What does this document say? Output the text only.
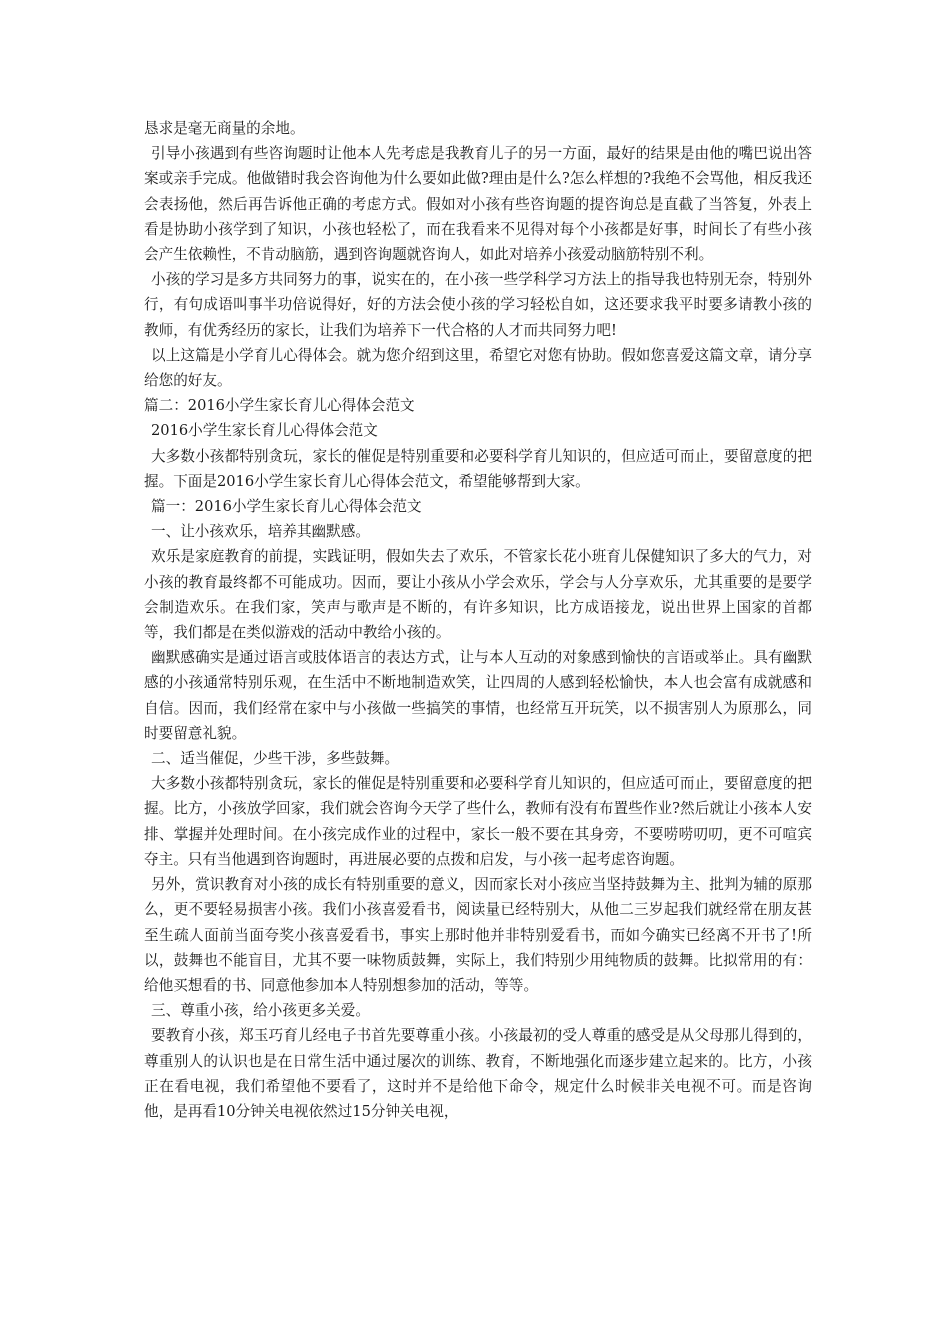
恳求是毫无商量的余地。

引导小孩遇到有些咨询题时让他本人先考虑是我教育儿子的另一方面，最好的结果是由他的嘴巴说出答案或亲手完成。他做错时我会咨询他为什么要如此做?理由是什么?怎么样想的?我绝不会骂他，相反我还会表扬他，然后再告诉他正确的考虑方式。假如对小孩有些咨询题的提咨询总是直截了当答复，外表上看是协助小孩学到了知识，小孩也轻松了，而在我看来不见得对每个小孩都是好事，时间长了有些小孩会产生依赖性，不肯动脑筋，遇到咨询题就咨询人，如此对培养小孩爱动脑筋特别不利。

小孩的学习是多方共同努力的事，说实在的，在小孩一些学科学习方法上的指导我也特别无奈，特别外行，有句成语叫事半功倍说得好，好的方法会使小孩的学习轻松自如，这还要求我平时要多请教小孩的教师，有优秀经历的家长，让我们为培养下一代合格的人才而共同努力吧!

以上这篇是小学育儿心得体会。就为您介绍到这里，希望它对您有协助。假如您喜爱这篇文章，请分享给您的好友。

篇二：2016小学生家长育儿心得体会范文

2016小学生家长育儿心得体会范文

大多数小孩都特别贪玩，家长的催促是特别重要和必要科学育儿知识的，但应适可而止，要留意度的把握。下面是2016小学生家长育儿心得体会范文，希望能够帮到大家。

篇一：2016小学生家长育儿心得体会范文

一、让小孩欢乐，培养其幽默感。

欢乐是家庭教育的前提，实践证明，假如失去了欢乐，不管家长花小班育儿保健知识了多大的气力，对小孩的教育最终都不可能成功。因而，要让小孩从小学会欢乐，学会与人分享欢乐，尤其重要的是要学会制造欢乐。在我们家，笑声与歌声是不断的，有许多知识，比方成语接龙，说出世界上国家的首都等，我们都是在类似游戏的活动中教给小孩的。

幽默感确实是通过语言或肢体语言的表达方式，让与本人互动的对象感到愉快的言语或举止。具有幽默感的小孩通常特别乐观，在生活中不断地制造欢笑，让四周的人感到轻松愉快，本人也会富有成就感和自信。因而，我们经常在家中与小孩做一些搞笑的事情，也经常互开玩笑，以不损害别人为原那么，同时要留意礼貌。

二、适当催促，少些干涉，多些鼓舞。

大多数小孩都特别贪玩，家长的催促是特别重要和必要科学育儿知识的，但应适可而止，要留意度的把握。比方，小孩放学回家，我们就会咨询今天学了些什么，教师有没有布置些作业?然后就让小孩本人安排、掌握并处理时间。在小孩完成作业的过程中，家长一般不要在其身旁，不要唠唠叨叨，更不可喧宾夺主。只有当他遇到咨询题时，再进展必要的点拨和启发，与小孩一起考虑咨询题。

另外，赏识教育对小孩的成长有特别重要的意义，因而家长对小孩应当坚持鼓舞为主、批判为辅的原那么，更不要轻易损害小孩。我们小孩喜爱看书，阅读量已经特别大，从他二三岁起我们就经常在朋友甚至生疏人面前当面夸奖小孩喜爱看书，事实上那时他并非特别爱看书，而如今确实已经离不开书了!所以，鼓舞也不能盲目，尤其不要一味物质鼓舞，实际上，我们特别少用纯物质的鼓舞。比拟常用的有：给他买想看的书、同意他参加本人特别想参加的活动，等等。

三、尊重小孩，给小孩更多关爱。

要教育小孩，郑玉巧育儿经电子书首先要尊重小孩。小孩最初的受人尊重的感受是从父母那儿得到的，尊重别人的认识也是在日常生活中通过屡次的训练、教育，不断地强化而逐步建立起来的。比方，小孩正在看电视，我们希望他不要看了，这时并不是给他下命令，规定什么时候非关电视不可。而是咨询他，是再看10分钟关电视依然过15分钟关电视，
